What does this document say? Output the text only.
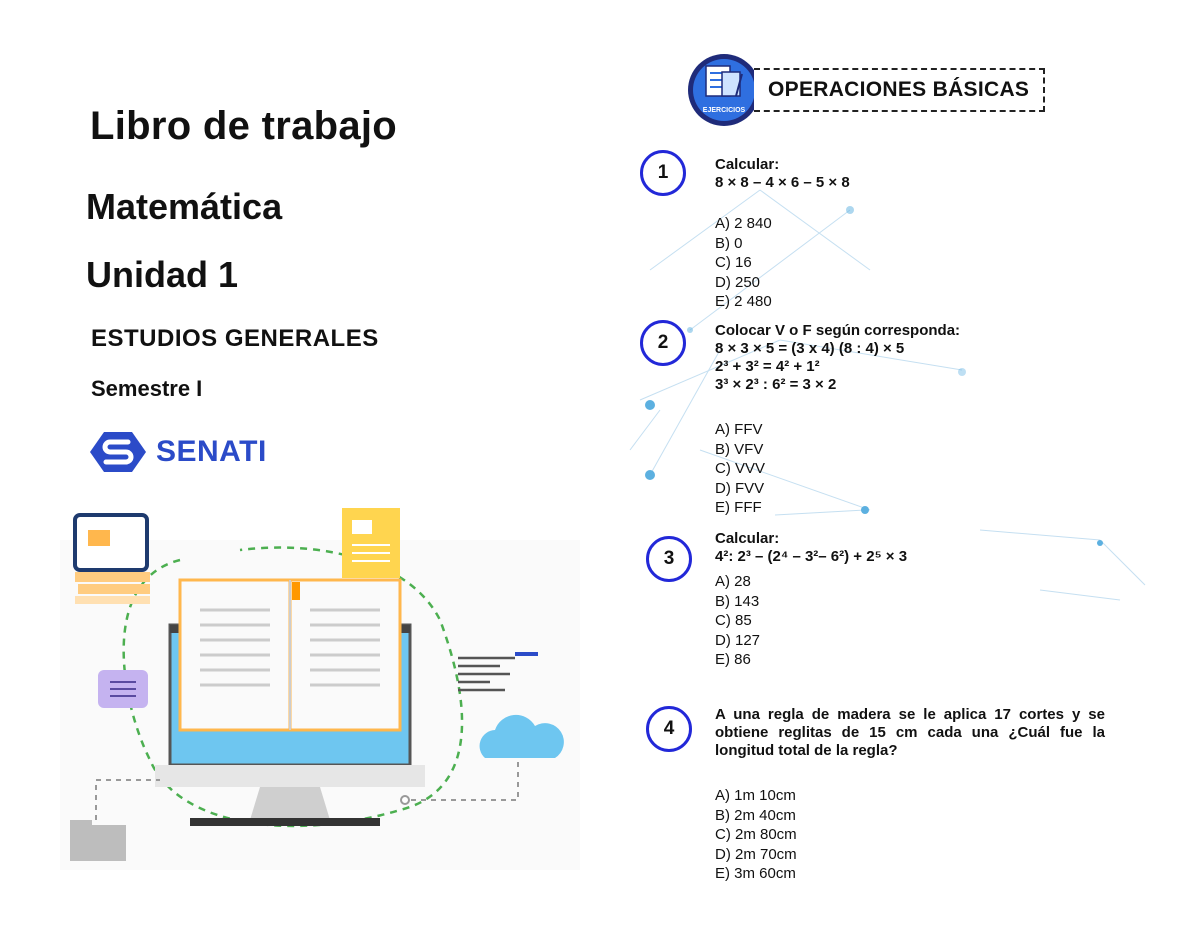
Libro de trabajo
Matemática
Unidad 1
ESTUDIOS GENERALES
Semestre I
SENATI
EJERCICIOS
OPERACIONES BÁSICAS
1	Calcular:
8 × 8 – 4 × 6 – 5 × 8
A) 2 840
B) 0
C) 16
D) 250
E) 2 480
2
Colocar V o F según corresponda:
8 × 3 × 5 = (3 x 4) (8 : 4) × 5
2³ + 3² = 4² + 1²
3³ × 2³ : 6² = 3 × 2
A) FFV
B) VFV
C) VVV
D) FVV
E) FFF
3
Calcular:
4²: 2³ – (2⁴ – 3²– 6²) + 2⁵ × 3
A) 28
B) 143
C) 85
D) 127
E) 86
4
A una regla de madera se le aplica 17 cortes y se obtiene reglitas de 15 cm cada una ¿Cuál fue la longitud total de la regla?
A) 1m 10cm
B) 2m 40cm
C) 2m 80cm
D) 2m 70cm
E) 3m 60cm
